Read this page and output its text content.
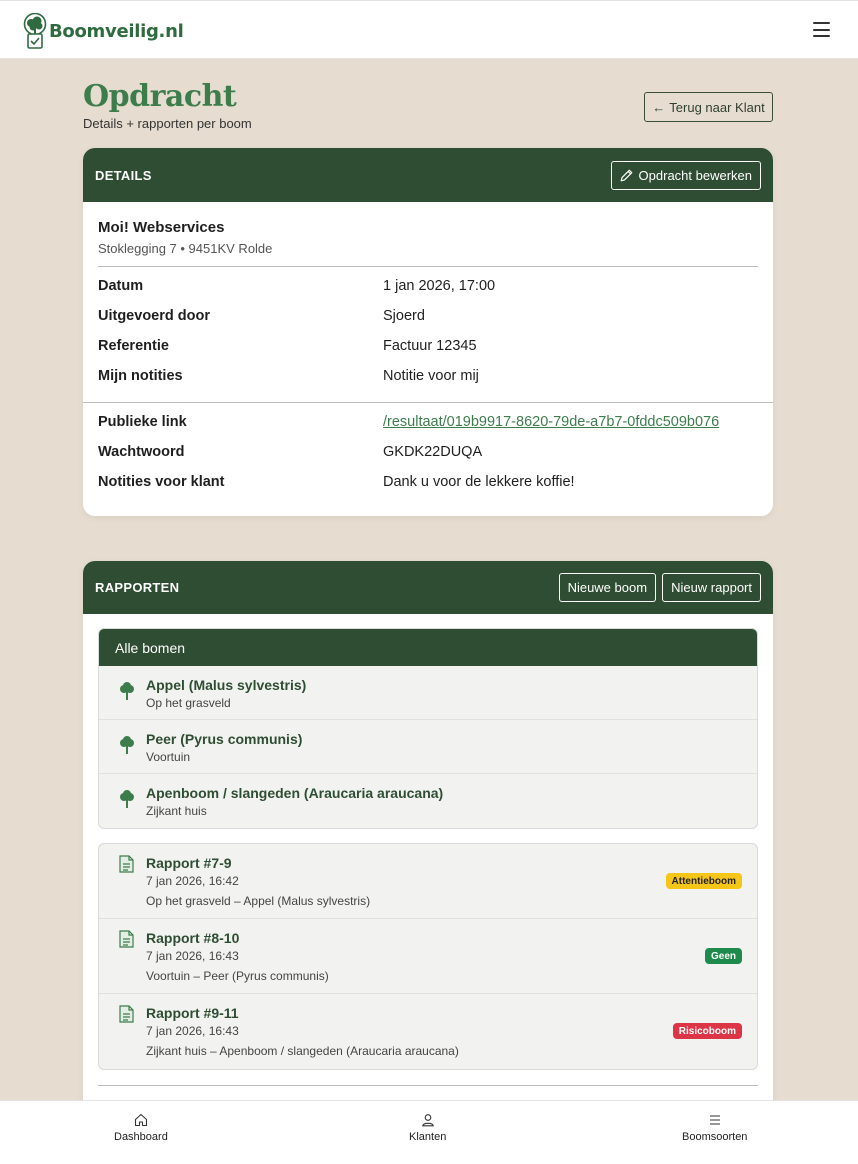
Boomveilig.nl
Opdracht
Details + rapporten per boom
← Terug naar Klant
DETAILS	Opdracht bewerken
Moi! Webservices
Stoklegging 7 • 9451KV Rolde
Datum	1 jan 2026, 17:00
Uitgevoerd door	Sjoerd
Referentie	Factuur 12345
Mijn notities	Notitie voor mij
Publieke link	/resultaat/019b9917-8620-79de-a7b7-0fddc509b076
Wachtwoord	GKDK22DUQA
Notities voor klant	Dank u voor de lekkere koffie!
RAPPORTEN	Nieuwe boom	Nieuw rapport
Alle bomen
Appel (Malus sylvestris)
Op het grasveld
Peer (Pyrus communis)
Voortuin
Apenboom / slangeden (Araucaria araucana)
Zijkant huis
Rapport #7-9
7 jan 2026, 16:42
Op het grasveld – Appel (Malus sylvestris)
Attentieboom
Rapport #8-10
7 jan 2026, 16:43
Voortuin – Peer (Pyrus communis)
Geen
Rapport #9-11
7 jan 2026, 16:43
Zijkant huis – Apenboom / slangeden (Araucaria araucana)
Risicoboom
Dashboard	Klanten	Boomsoorten
